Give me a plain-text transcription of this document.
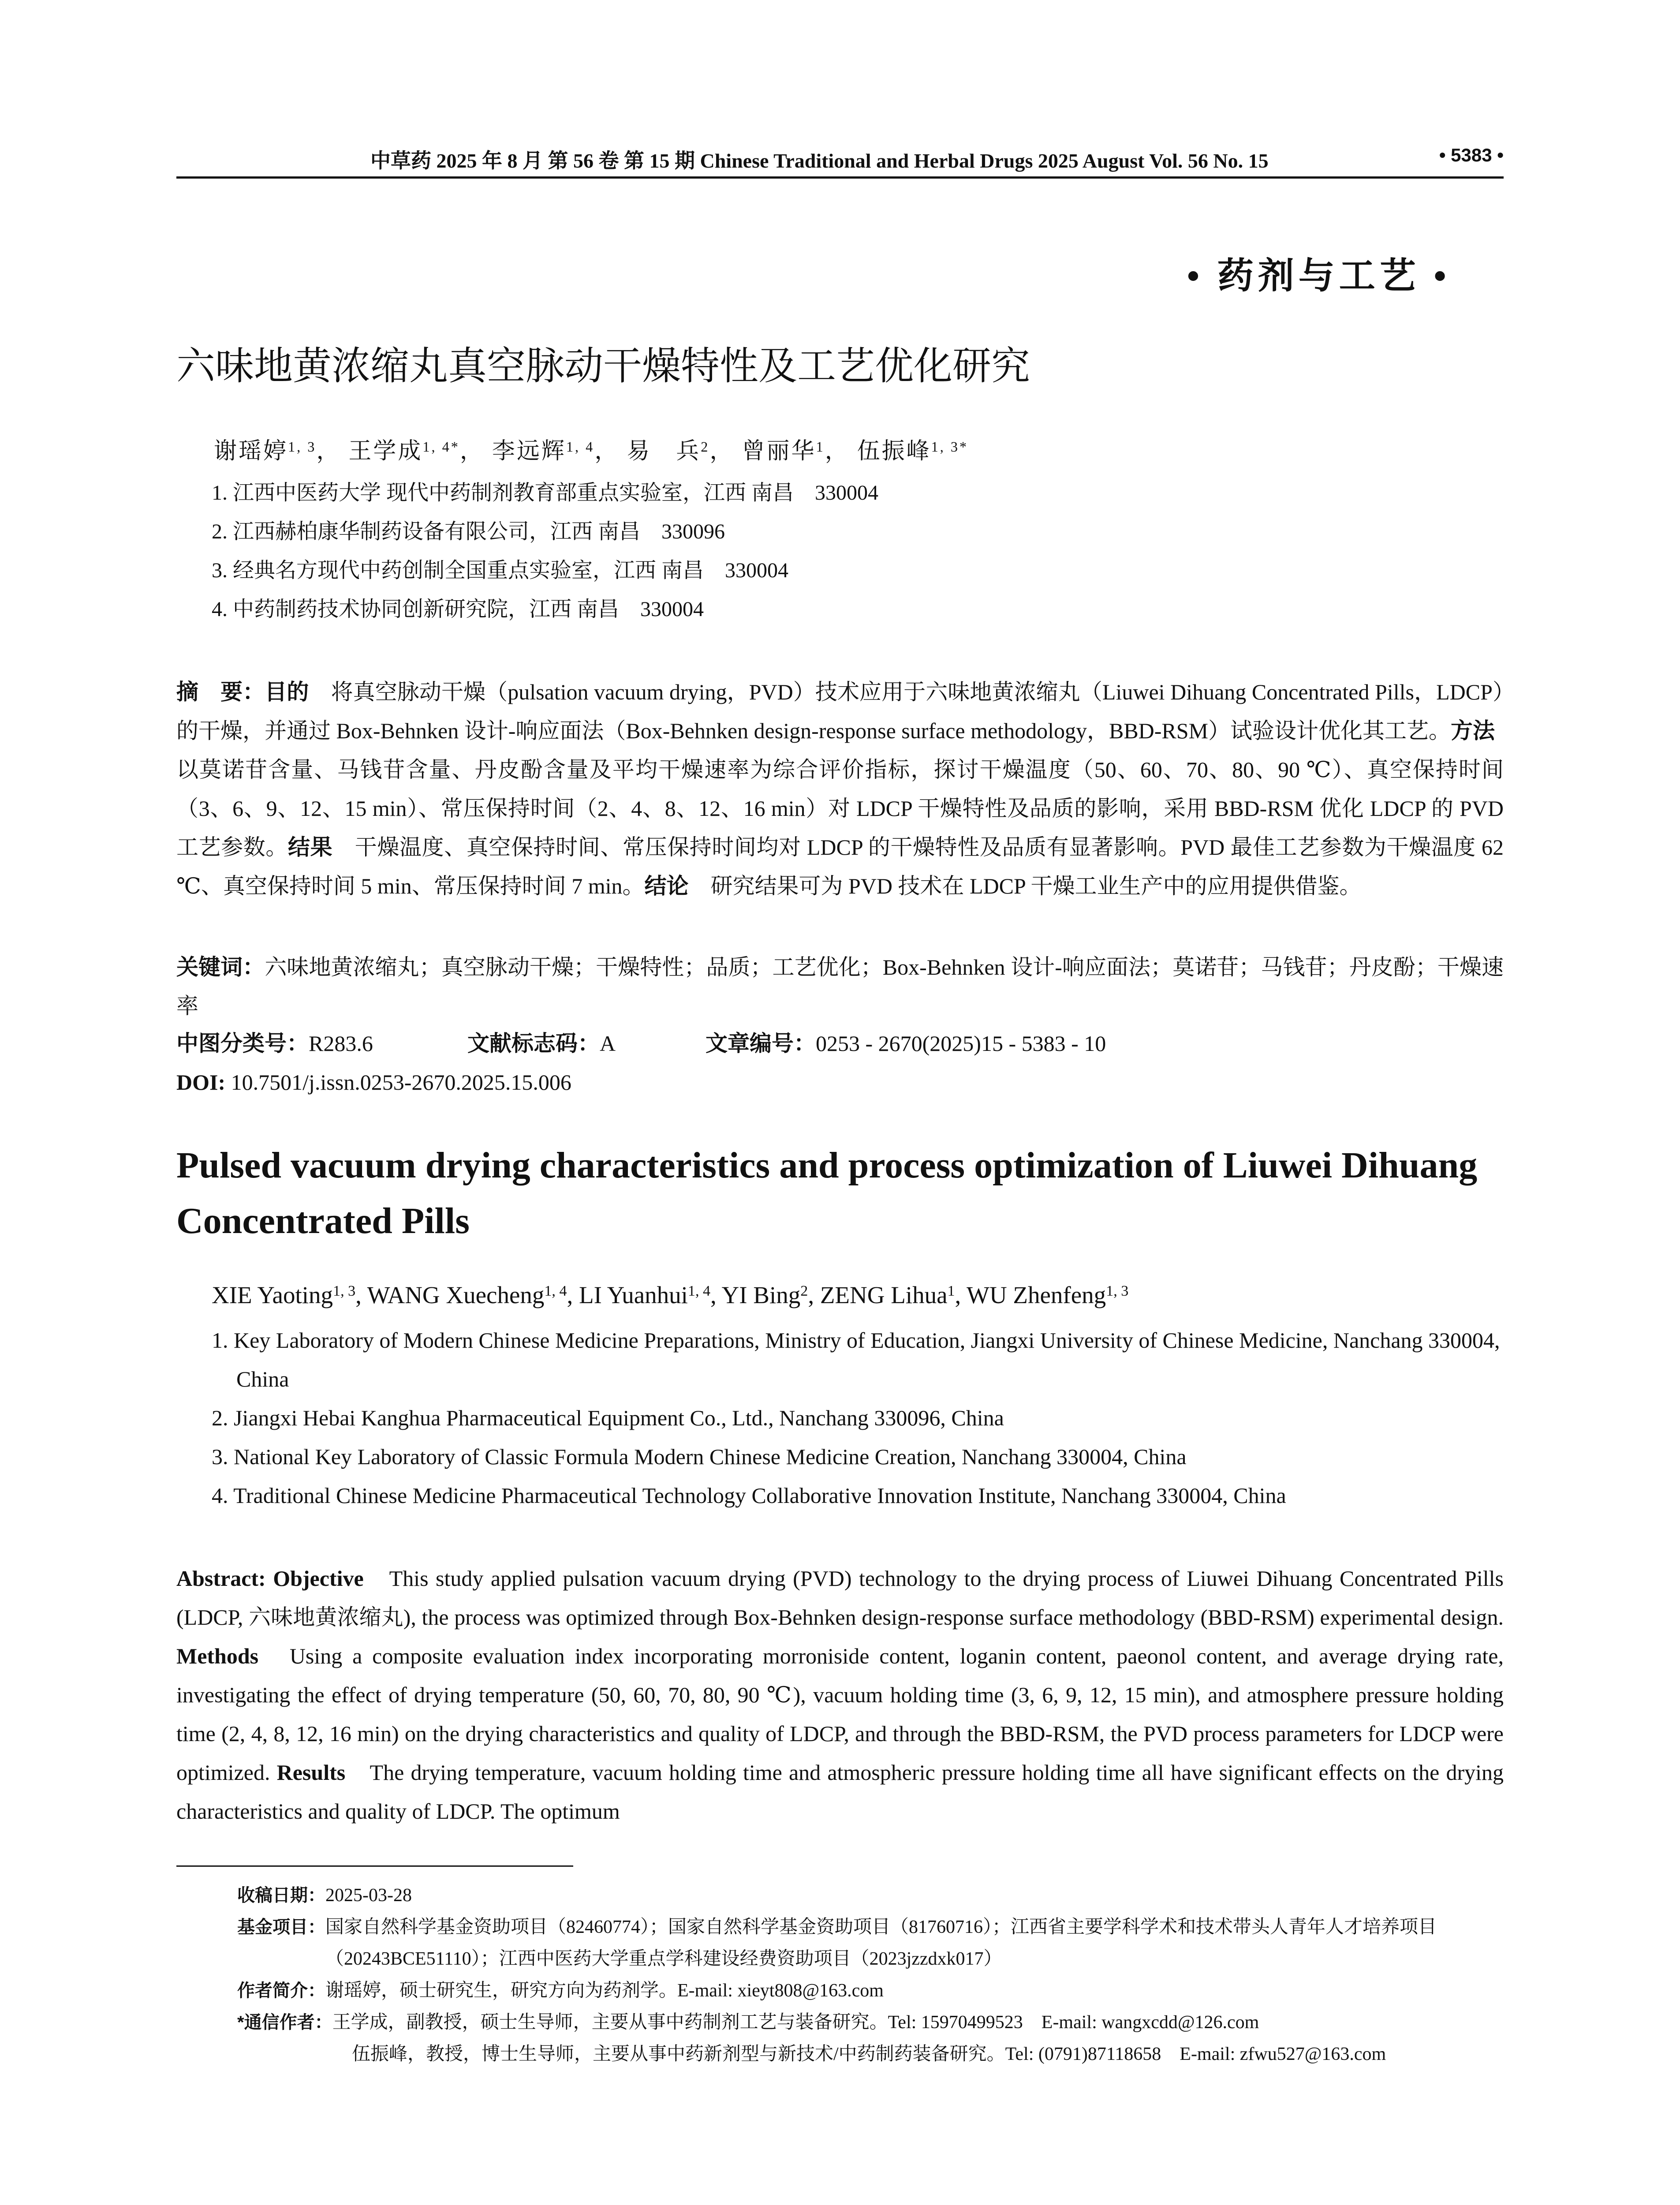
中草药 2025 年 8 月 第 56 卷 第 15 期 Chinese Traditional and Herbal Drugs 2025 August Vol. 56 No. 15	• 5383 •
• 药剂与工艺 •
六味地黄浓缩丸真空脉动干燥特性及工艺优化研究
谢瑶婷$^{1, 3}$， 王学成$^{1, 4*}$， 李远辉$^{1, 4}$， 易　兵$^2$， 曾丽华$^1$， 伍振峰$^{1, 3*}$
1. 江西中医药大学 现代中药制剂教育部重点实验室，江西 南昌　330004
2. 江西赫柏康华制药设备有限公司，江西 南昌　330096
3. 经典名方现代中药创制全国重点实验室，江西 南昌　330004
4. 中药制药技术协同创新研究院，江西 南昌　330004

摘　要：目的　将真空脉动干燥（pulsation vacuum drying，PVD）技术应用于六味地黄浓缩丸（Liuwei Dihuang Concentrated Pills，LDCP）的干燥，并通过 Box-Behnken 设计-响应面法（Box-Behnken design-response surface methodology，BBD-RSM）试验设计优化其工艺。方法　以莫诺苷含量、马钱苷含量、丹皮酚含量及平均干燥速率为综合评价指标，探讨干燥温度（50、60、70、80、90 ℃）、真空保持时间（3、6、9、12、15 min）、常压保持时间（2、4、8、12、16 min）对 LDCP 干燥特性及品质的影响，采用 BBD-RSM 优化 LDCP 的 PVD 工艺参数。结果　干燥温度、真空保持时间、常压保持时间均对 LDCP 的干燥特性及品质有显著影响。PVD 最佳工艺参数为干燥温度 62 ℃、真空保持时间 5 min、常压保持时间 7 min。结论　研究结果可为 PVD 技术在 LDCP 干燥工业生产中的应用提供借鉴。

关键词：六味地黄浓缩丸；真空脉动干燥；干燥特性；品质；工艺优化；Box-Behnken 设计-响应面法；莫诺苷；马钱苷；丹皮酚；干燥速率

中图分类号：R283.6	文献标志码：A	文章编号：0253 - 2670(2025)15 - 5383 - 10

DOI: 10.7501/j.issn.0253-2670.2025.15.006

Pulsed vacuum drying characteristics and process optimization of Liuwei Dihuang Concentrated Pills
XIE Yaoting$^{1, 3}$, WANG Xuecheng$^{1, 4}$, LI Yuanhui$^{1, 4}$, YI Bing$^2$, ZENG Lihua$^1$, WU Zhenfeng$^{1, 3}$
1. Key Laboratory of Modern Chinese Medicine Preparations, Ministry of Education, Jiangxi University of Chinese Medicine, Nanchang 330004, China
2. Jiangxi Hebai Kanghua Pharmaceutical Equipment Co., Ltd., Nanchang 330096, China
3. National Key Laboratory of Classic Formula Modern Chinese Medicine Creation, Nanchang 330004, China
4. Traditional Chinese Medicine Pharmaceutical Technology Collaborative Innovation Institute, Nanchang 330004, China

Abstract: Objective　This study applied pulsation vacuum drying (PVD) technology to the drying process of Liuwei Dihuang Concentrated Pills (LDCP, 六味地黄浓缩丸), the process was optimized through Box-Behnken design-response surface methodology (BBD-RSM) experimental design. Methods　Using a composite evaluation index incorporating morroniside content, loganin content, paeonol content, and average drying rate, investigating the effect of drying temperature (50, 60, 70, 80, 90 ℃), vacuum holding time (3, 6, 9, 12, 15 min), and atmosphere pressure holding time (2, 4, 8, 12, 16 min) on the drying characteristics and quality of LDCP, and through the BBD-RSM, the PVD process parameters for LDCP were optimized. Results　The drying temperature, vacuum holding time and atmospheric pressure holding time all have significant effects on the drying characteristics and quality of LDCP. The optimum

收稿日期： 2025-03-28
基金项目： 国家自然科学基金资助项目（82460774）；国家自然科学基金资助项目（81760716）；江西省主要学科学术和技术带头人青年人才培养项目（20243BCE51110）；江西中医药大学重点学科建设经费资助项目（2023jzzdxk017）
作者简介： 谢瑶婷，硕士研究生，研究方向为药剂学。E-mail: xieyt808@163.com
*通信作者： 王学成，副教授，硕士生导师，主要从事中药制剂工艺与装备研究。Tel: 15970499523　E-mail: wangxcdd@126.com
伍振峰，教授，博士生导师，主要从事中药新剂型与新技术/中药制药装备研究。Tel: (0791)87118658　E-mail: zfwu527@163.com
